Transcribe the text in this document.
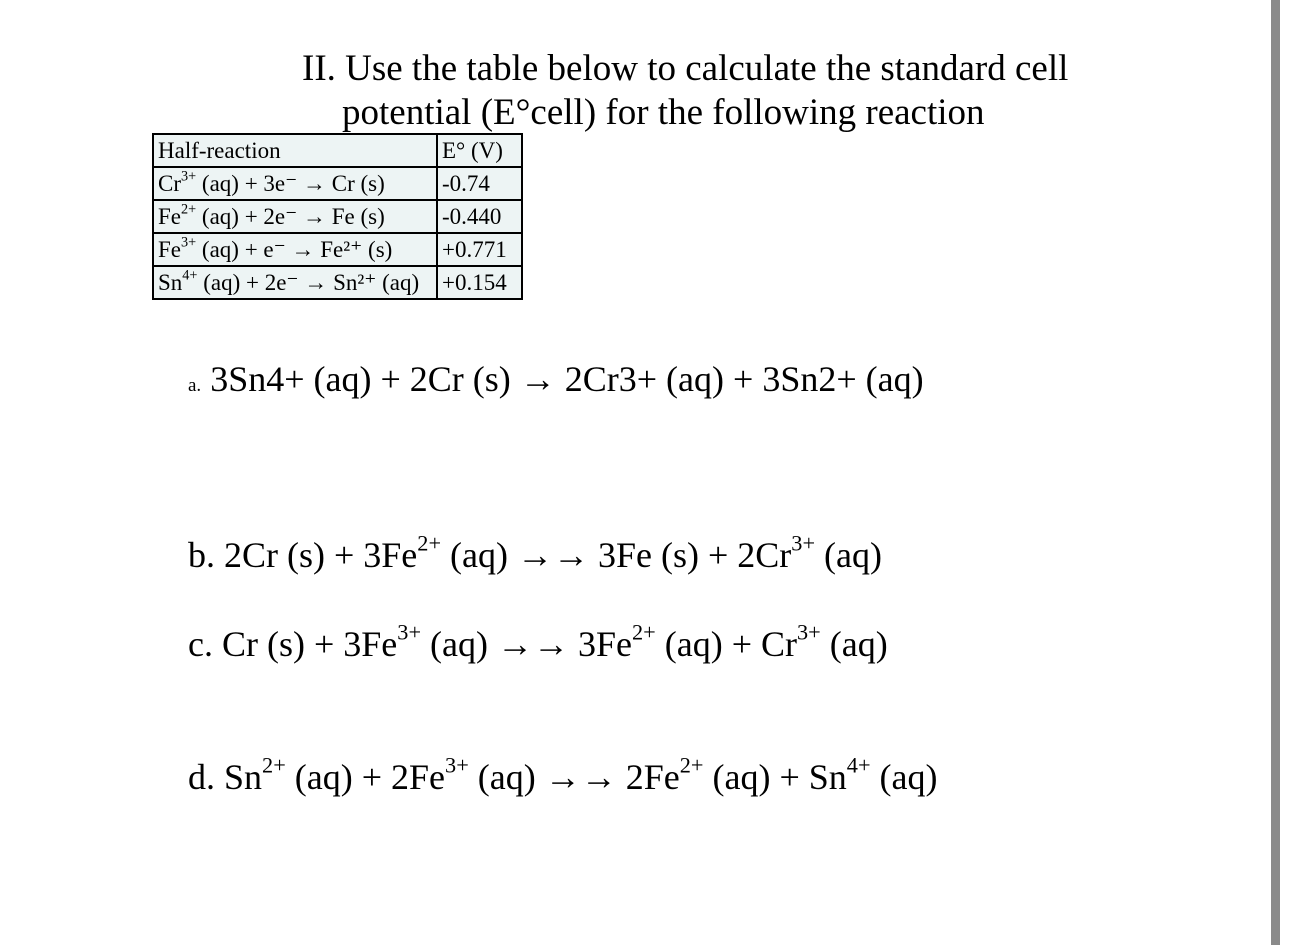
II. Use the table below to calculate the standard cell
potential (E°cell) for the following reaction
Half-reaction	E° (V)
$Cr^{3+}$ (aq) + 3e⁻ → Cr (s)	-0.74
$Fe^{2+}$ (aq) + 2e⁻ → Fe (s)	-0.440
$Fe^{3+}$ (aq) + e⁻ → Fe²⁺ (s)	+0.771
$Sn^{4+}$ (aq) + 2e⁻ → Sn²⁺ (aq)	+0.154
a. 3Sn4+ (aq) + 2Cr (s) → 2Cr3+ (aq) + 3Sn2+ (aq)
b. 2Cr $(s) + 3Fe^{2+}$ (aq) →→ 3Fe $(s) + 2Cr^{3+}$ (aq)
c. Cr $(s) + 3Fe^{3+}$ $(aq) \to\to 3Fe^{2+}$ $(aq) + Cr^{3+}$ (aq)
d. $Sn^{2+}$ $(aq) + 2Fe^{3+}$ $(aq) \to\to 2Fe^{2+}$ $(aq) + Sn^{4+}$ (aq)
